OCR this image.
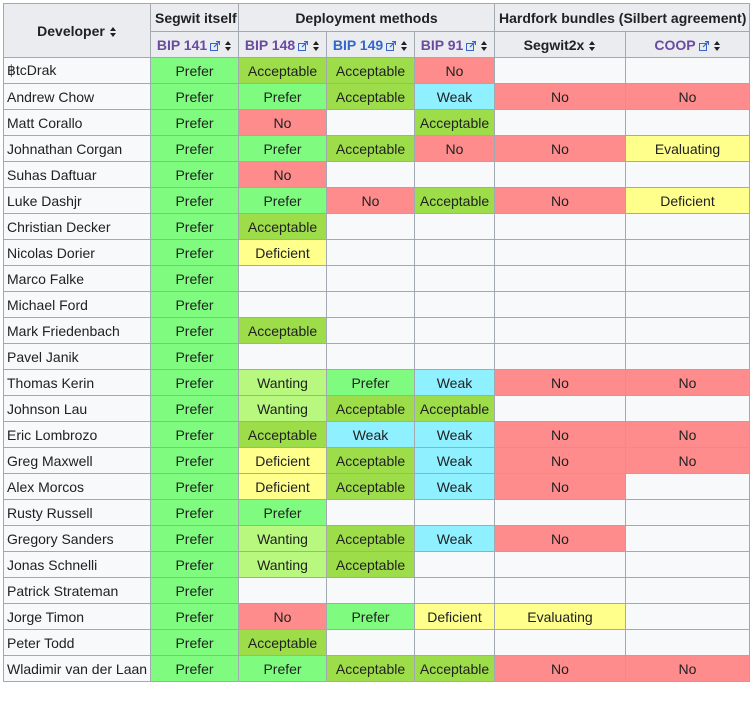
Developer	Segwit itself	Deployment methods			Hardfork bundles (Silbert agreement)	
	BIP 141	BIP 148	BIP 149	BIP 91	Segwit2x	COOP

฿tcDrak	Prefer	Acceptable	Acceptable	No		
Andrew Chow	Prefer	Prefer	Acceptable	Weak	No	No
Matt Corallo	Prefer	No		Acceptable		
Johnathan Corgan	Prefer	Prefer	Acceptable	No	No	Evaluating
Suhas Daftuar	Prefer	No				
Luke Dashjr	Prefer	Prefer	No	Acceptable	No	Deficient
Christian Decker	Prefer	Acceptable				
Nicolas Dorier	Prefer	Deficient				
Marco Falke	Prefer					
Michael Ford	Prefer					
Mark Friedenbach	Prefer	Acceptable				
Pavel Janik	Prefer					
Thomas Kerin	Prefer	Wanting	Prefer	Weak	No	No
Johnson Lau	Prefer	Wanting	Acceptable	Acceptable		
Eric Lombrozo	Prefer	Acceptable	Weak	Weak	No	No
Greg Maxwell	Prefer	Deficient	Acceptable	Weak	No	No
Alex Morcos	Prefer	Deficient	Acceptable	Weak	No	
Rusty Russell	Prefer	Prefer				
Gregory Sanders	Prefer	Wanting	Acceptable	Weak	No	
Jonas Schnelli	Prefer	Wanting	Acceptable			
Patrick Strateman	Prefer					
Jorge Timon	Prefer	No	Prefer	Deficient	Evaluating	
Peter Todd	Prefer	Acceptable				
Wladimir van der Laan	Prefer	Prefer	Acceptable	Acceptable	No	No
